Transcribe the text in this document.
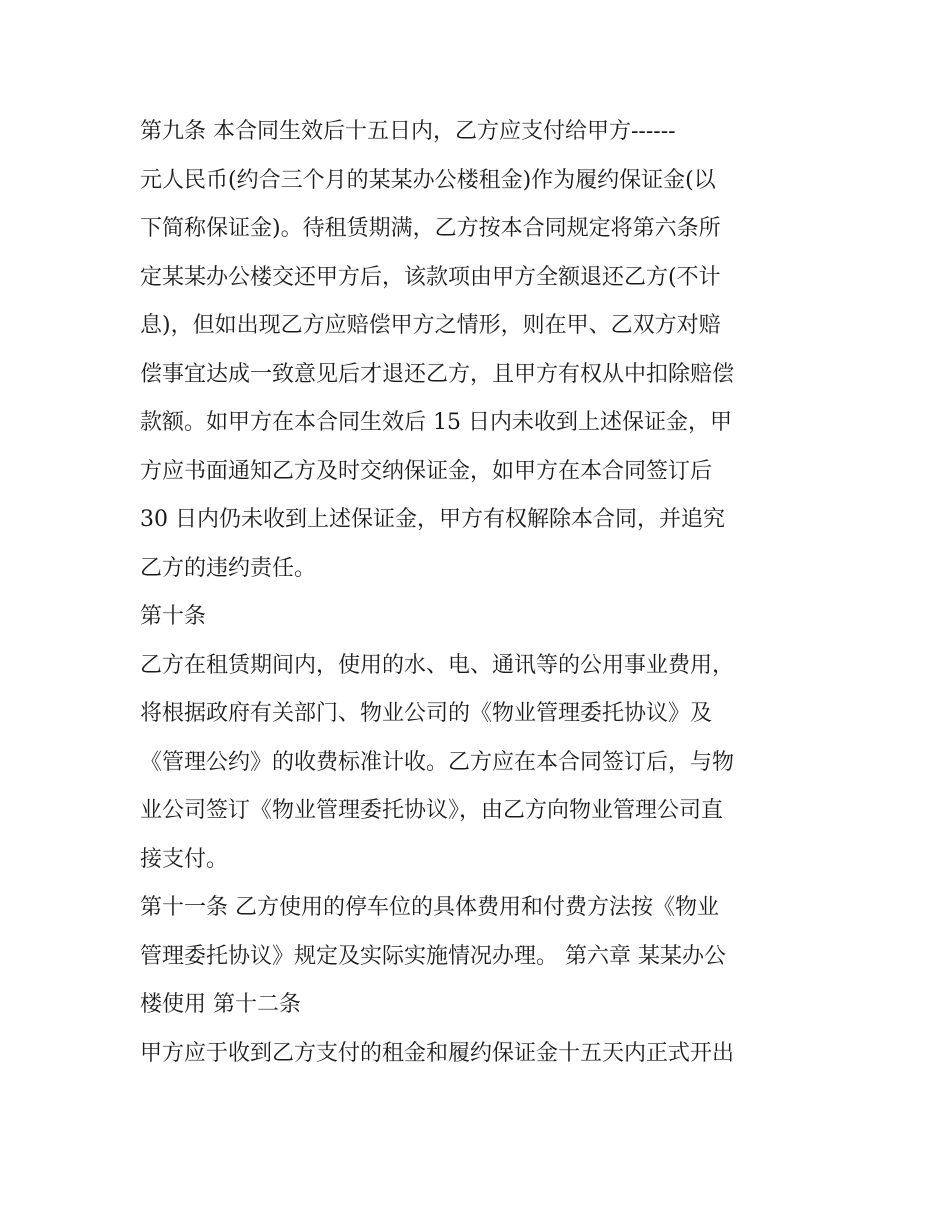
第九条 本合同生效后十五日内，乙方应支付给甲方------
元人民币(约合三个月的某某办公楼租金)作为履约保证金(以
下简称保证金)。待租赁期满，乙方按本合同规定将第六条所
定某某办公楼交还甲方后，该款项由甲方全额退还乙方(不计
息)，但如出现乙方应赔偿甲方之情形，则在甲、乙双方对赔
偿事宜达成一致意见后才退还乙方，且甲方有权从中扣除赔偿
款额。如甲方在本合同生效后 15 日内未收到上述保证金，甲
方应书面通知乙方及时交纳保证金，如甲方在本合同签订后
30 日内仍未收到上述保证金，甲方有权解除本合同，并追究
乙方的违约责任。
第十条
乙方在租赁期间内，使用的水、电、通讯等的公用事业费用，
将根据政府有关部门、物业公司的《物业管理委托协议》及
《管理公约》的收费标准计收。乙方应在本合同签订后，与物
业公司签订《物业管理委托协议》，由乙方向物业管理公司直
接支付。
第十一条 乙方使用的停车位的具体费用和付费方法按《物业
管理委托协议》规定及实际实施情况办理。 第六章 某某办公
楼使用 第十二条
甲方应于收到乙方支付的租金和履约保证金十五天内正式开出
